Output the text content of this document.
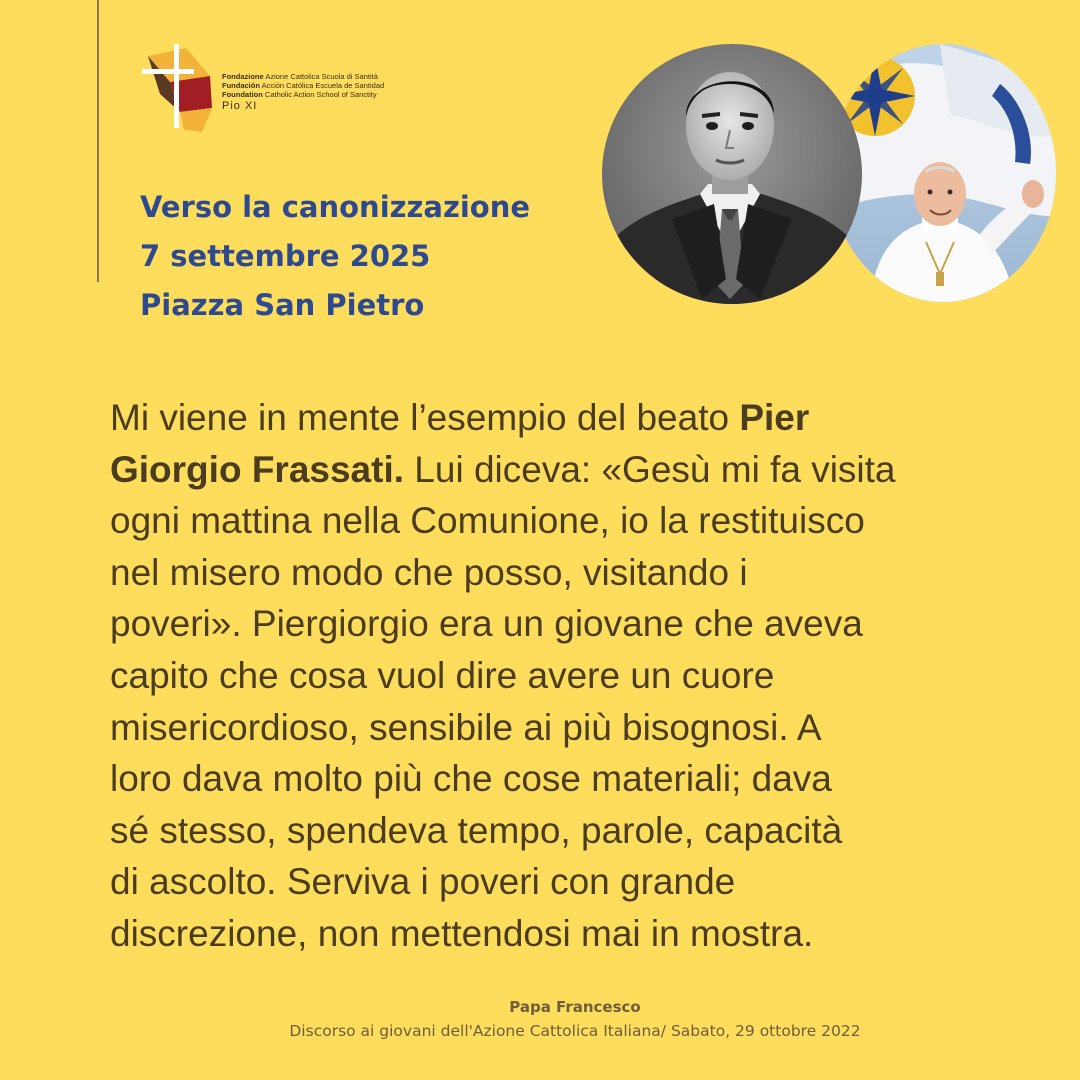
Fondazione Azione Cattolica Scuola di Santità
Fundación Acción Católica Escuela de Santidad
Foundation Catholic Action School of Sanctity
Pio XI
Verso la canonizzazione
7 settembre 2025
Piazza San Pietro
Mi viene in mente l’esempio del beato Pier
Giorgio Frassati. Lui diceva: «Gesù mi fa visita
ogni mattina nella Comunione, io la restituisco
nel misero modo che posso, visitando i
poveri». Piergiorgio era un giovane che aveva
capito che cosa vuol dire avere un cuore
misericordioso, sensibile ai più bisognosi. A
loro dava molto più che cose materiali; dava
sé stesso, spendeva tempo, parole, capacità
di ascolto. Serviva i poveri con grande
discrezione, non mettendosi mai in mostra.
Papa Francesco
Discorso ai giovani dell'Azione Cattolica Italiana/ Sabato, 29 ottobre 2022
